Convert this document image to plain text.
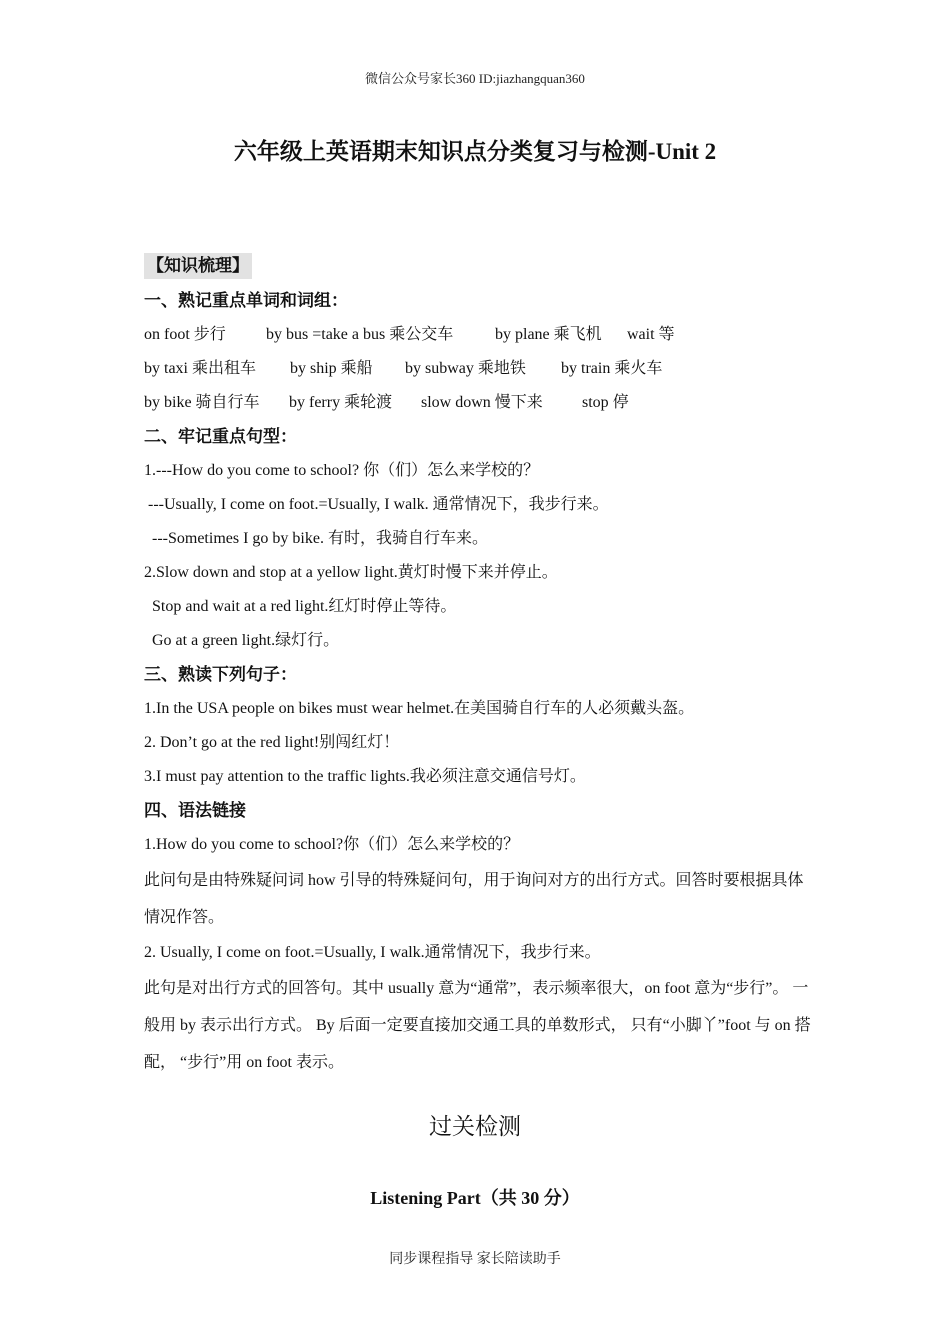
微信公众号家长360 ID:jiazhangquan360
六年级上英语期末知识点分类复习与检测-Unit 2
【知识梳理】
一、熟记重点单词和词组：
on foot 步行	by bus =take a bus 乘公交车	by plane 乘飞机 wait 等
by taxi 乘出租车 by ship 乘船 by subway 乘地铁 by train 乘火车
by bike 骑自行车 by ferry 乘轮渡 slow down 慢下来 stop 停
二、牢记重点句型：
1.---How do you come to school? 你（们）怎么来学校的？
---Usually, I come on foot.=Usually, I walk. 通常情况下，我步行来。
---Sometimes I go by bike. 有时，我骑自行车来。
2.Slow down and stop at a yellow light.黄灯时慢下来并停止。
Stop and wait at a red light.红灯时停止等待。
Go at a green light.绿灯行。
三、熟读下列句子：
1.In the USA people on bikes must wear helmet.在美国骑自行车的人必须戴头盔。
2. Don’t go at the red light!别闯红灯！
3.I must pay attention to the traffic lights.我必须注意交通信号灯。
四、语法链接
1.How do you come to school?你（们）怎么来学校的？
此问句是由特殊疑问词 how 引导的特殊疑问句，用于询问对方的出行方式。回答时要根据具体情况作答。
2. Usually, I come on foot.=Usually, I walk.通常情况下，我步行来。
此句是对出行方式的回答句。其中 usually 意为“通常”，表示频率很大，on foot 意为“步行”。 一般用 by 表示出行方式。 By 后面一定要直接加交通工具的单数形式， 只有“小脚丫”foot 与 on 搭配， “步行”用 on foot 表示。
过关检测
Listening Part（共 30 分）
同步课程指导 家长陪读助手
